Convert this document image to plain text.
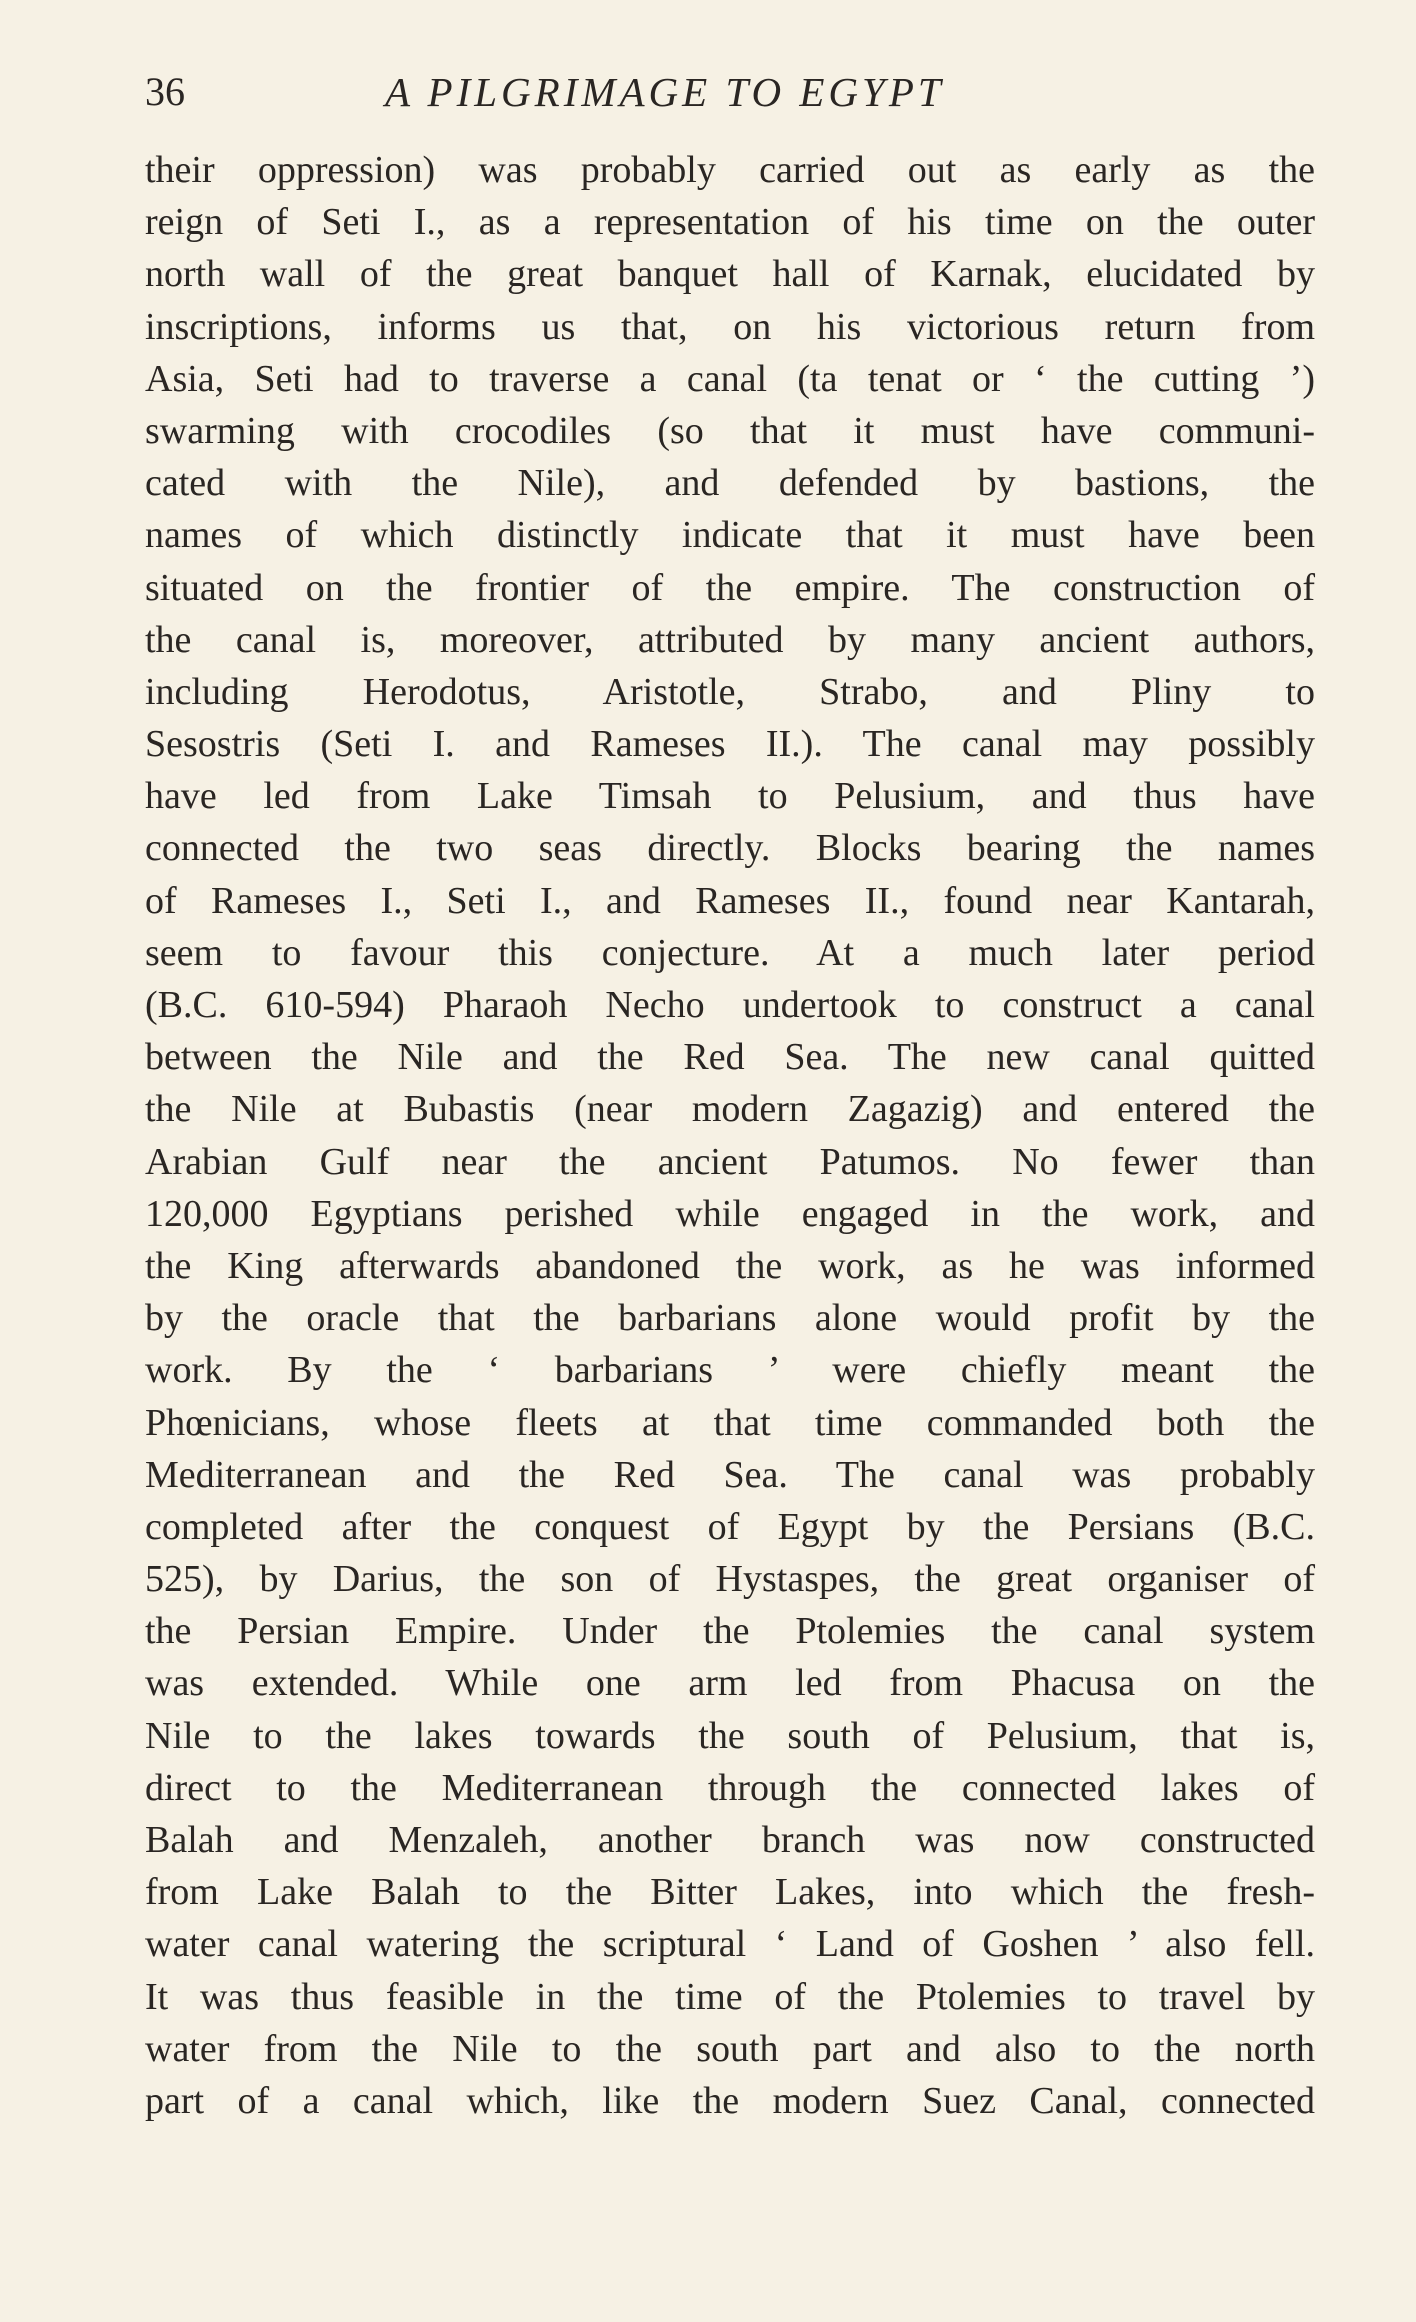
36	A PILGRIMAGE TO EGYPT
their oppression) was probably carried out as early as the
reign of Seti I., as a representation of his time on the outer
north wall of the great banquet hall of Karnak, elucidated by
inscriptions, informs us that, on his victorious return from
Asia, Seti had to traverse a canal (ta tenat or ‘ the cutting ’)
swarming with crocodiles (so that it must have communi-
cated with the Nile), and defended by bastions, the
names of which distinctly indicate that it must have been
situated on the frontier of the empire. The construction of
the canal is, moreover, attributed by many ancient authors,
including Herodotus, Aristotle, Strabo, and Pliny to
Sesostris (Seti I. and Rameses II.). The canal may possibly
have led from Lake Timsah to Pelusium, and thus have
connected the two seas directly. Blocks bearing the names
of Rameses I., Seti I., and Rameses II., found near Kantarah,
seem to favour this conjecture. At a much later period
(B.C. 610-594) Pharaoh Necho undertook to construct a canal
between the Nile and the Red Sea. The new canal quitted
the Nile at Bubastis (near modern Zagazig) and entered the
Arabian Gulf near the ancient Patumos. No fewer than
120,000 Egyptians perished while engaged in the work, and
the King afterwards abandoned the work, as he was informed
by the oracle that the barbarians alone would profit by the
work. By the ‘ barbarians ’ were chiefly meant the
Phœnicians, whose fleets at that time commanded both the
Mediterranean and the Red Sea. The canal was probably
completed after the conquest of Egypt by the Persians (B.C.
525), by Darius, the son of Hystaspes, the great organiser of
the Persian Empire. Under the Ptolemies the canal system
was extended. While one arm led from Phacusa on the
Nile to the lakes towards the south of Pelusium, that is,
direct to the Mediterranean through the connected lakes of
Balah and Menzaleh, another branch was now constructed
from Lake Balah to the Bitter Lakes, into which the fresh-
water canal watering the scriptural ‘ Land of Goshen ’ also fell.
It was thus feasible in the time of the Ptolemies to travel by
water from the Nile to the south part and also to the north
part of a canal which, like the modern Suez Canal, connected
